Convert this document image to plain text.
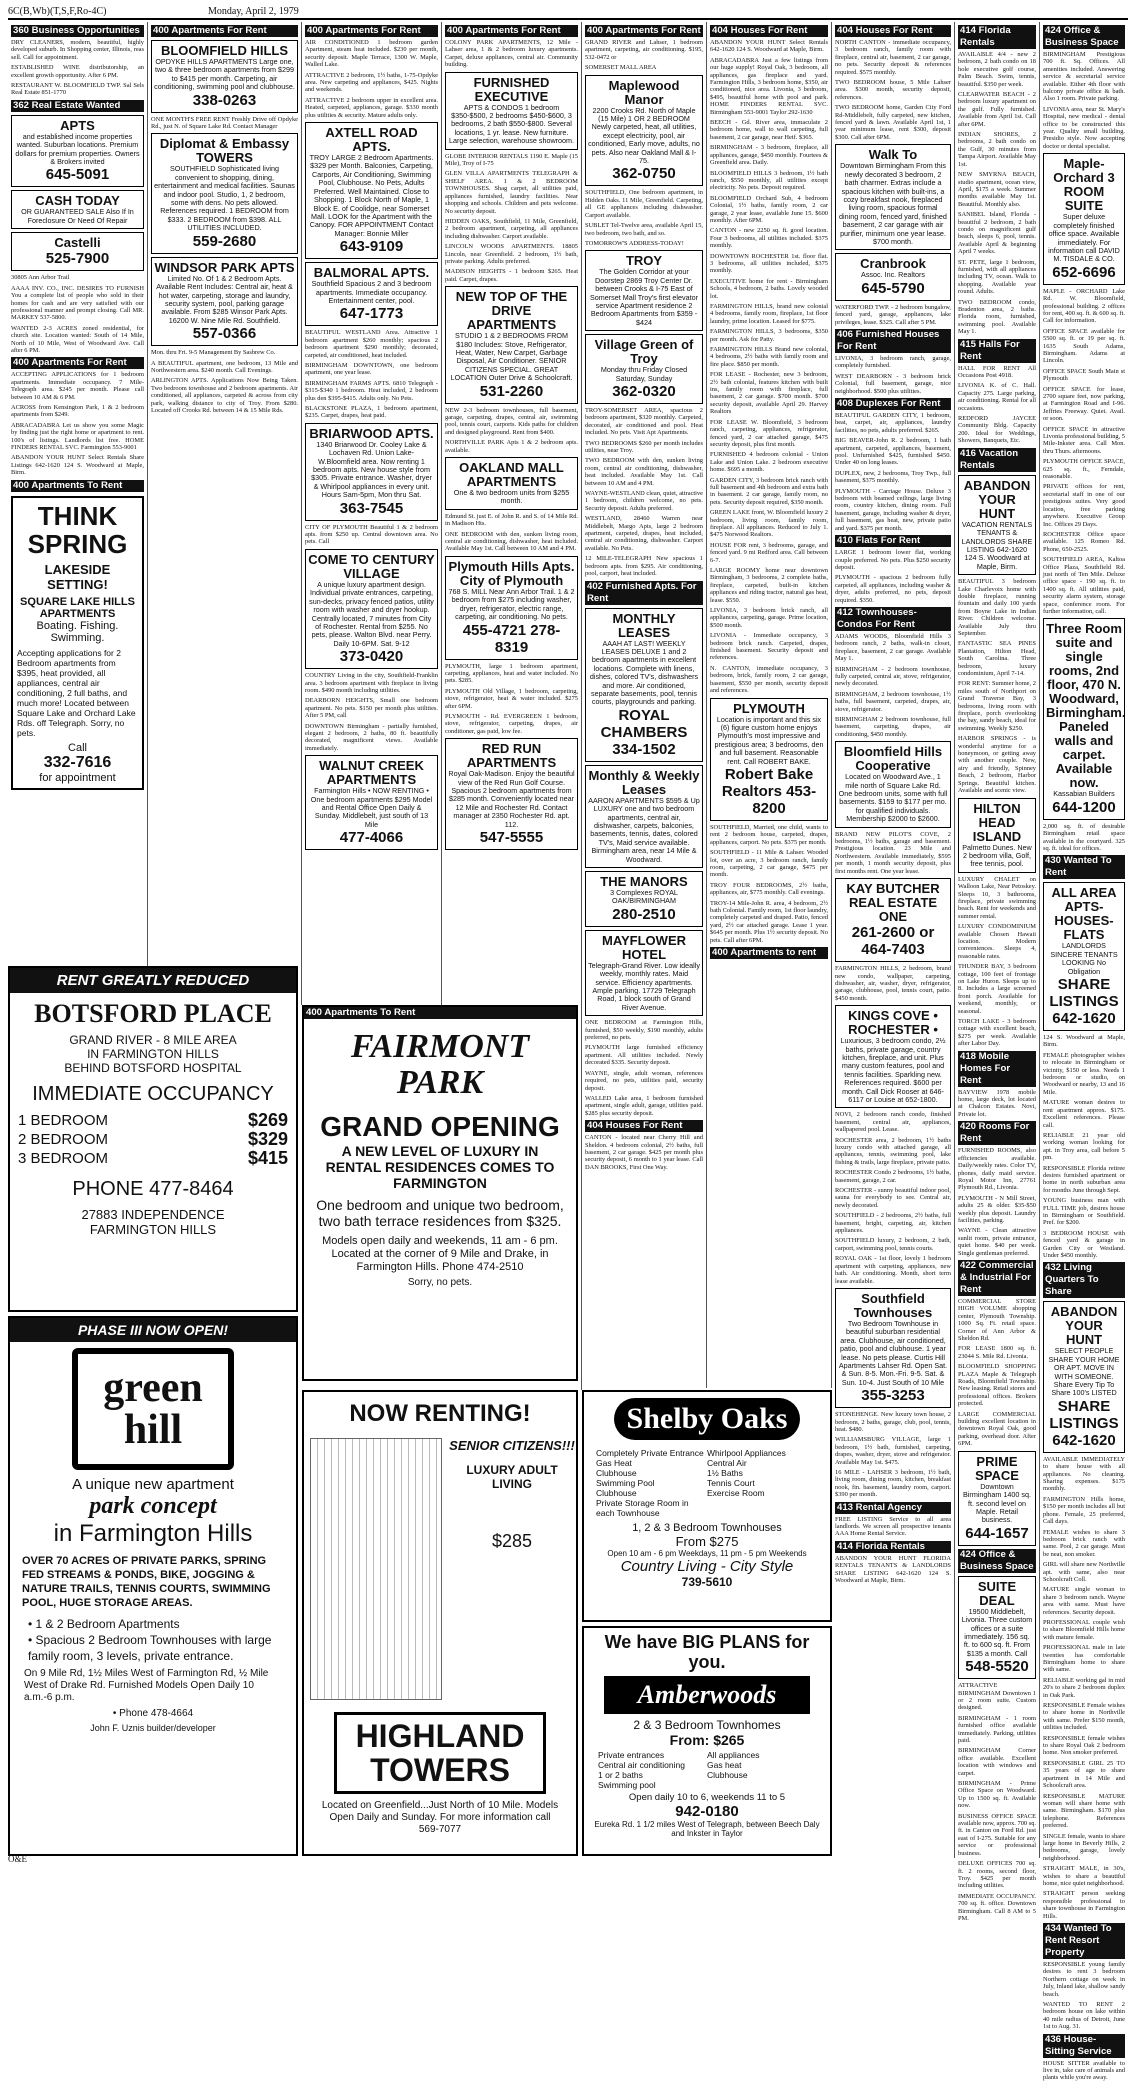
6C(B,Wb)(T,S,F,Ro-4C)	Monday, April 2, 1979
360 Business Opportunities
DRY CLEANERS, modern, beautiful, highly developed suburb. In Shopping center, Illinois, reas sell. Call for appointment.
ESTABLISHED WINE distributorship, an excellent growth opportunity. After 6 PM.
RESTAURANT W. BLOOMFIELD TWP. Sal Sels Real Estate 851-1770
362 Real Estate Wanted
APTS
and established income properties wanted. Suburban locations. Premium dollars for premium properties. Owners & Brokers invited
645-5091
CASH TODAY
OR GUARANTEED SALE Also If In Foreclosure Or Need Of Repair
Castelli
525-7900
30805 Ann Arbor Trail
AAAA INV. CO., INC. DESIRES TO FURNISH You a complete list of people who sold in their homes for cash and are very satisfied with our professional manner and prompt closing. Call MR. MARKEY 537-5800.
WANTED 2-3 ACRES zoned residential, for church site. Location wanted: South of 14 Mile, North of 10 Mile, West of Woodward Ave. Call after 6 PM.
400 Apartments For Rent
ACCEPTING APPLICATIONS for 1 bedroom apartments. Immediate occupancy. 7 Mile-Telegraph area. $245 per month. Please call between 10 AM & 6 PM.
ACROSS from Kensington Park, 1 & 2 bedroom apartments from $249.
ABRACADABRA Let us show you some Magic by finding just the right home or apartment to rent. 100's of listings. Landlords list free. HOME FINDERS RENTAL SVC. Farmington 553-9001
ABANDON YOUR HUNT Select Rentals Share Listings 642-1620 124 S. Woodward at Maple, Birm.
400 Apartments To Rent
THINK SPRING
LAKESIDE SETTING!
SQUARE LAKE HILLS APARTMENTS
Boating. Fishing. Swimming.
Accepting applications for 2 Bedroom apartments from $395, heat provided, all appliances, central air conditioning, 2 full baths, and much more! Located between Square Lake and Orchard Lake Rds. off Telegraph. Sorry, no pets.
Call
332-7616
for appointment
400 Apartments For Rent
BLOOMFIELD HILLS
OPDYKE HILLS APARTMENTS Large one, two & three bedroom apartments from $299 to $415 per month. Carpeting, air conditioning, swimming pool and clubhouse.
338-0263
ONE MONTH'S FREE RENT Freshly Drive off Opdyke Rd., just N. of Square Lake Rd. Contact Manager
Diplomat & Embassy TOWERS
SOUTHFIELD Sophisticated living convenient to shopping, dining, entertainment and medical facilities. Saunas and indoor pool. Studio, 1, 2 bedroom, some with dens. No pets allowed. References required. 1 BEDROOM from $333. 2 BEDROOM from $398. ALL UTILITIES INCLUDED.
559-2680
WINDSOR PARK APTS
Limited No. Of 1 & 2 Bedroom Apts. Available Rent Includes: Central air, heat & hot water, carpeting, storage and laundry, security system, pool, parking garage available. From $285 Winsor Park Apts. 16200 W. Nine Mile Rd. Southfield.
557-0366
Mon. thru Fri. 9-5 Management By Sasbrew Co.
A BEAUTIFUL apartment, one bedroom, 13 Mile and Northwestern area. $240 month. Call Evenings.
ARLINGTON APTS. Applications Now Being Taken. Two bedroom townhouse and 2 bedroom apartments. Air conditioned, all appliances, carpeted & across from city park, walking distance to city of Troy. From $280. Located off Crooks Rd. between 14 & 15 Mile Rds.
400 Apartments For Rent
AIR CONDITIONED 1 bedroom garden Apartment, steam heat included. $230 per month, security deposit. Maple Terrace, 1300 W. Maple, Walled Lake.
ATTRACTIVE 2 bedroom, 1½ baths, 1-75-Opdyke area. New carpeting and appliances, $425. Nights and weekends.
ATTRACTIVE 2 bedroom upper in excellent area. Heated, carpeted, appliances, garage. $330 month plus utilities & security. Mature adults only.
AXTELL ROAD APTS.
TROY LARGE 2 Bedroom Apartments. $329 per Month. Balconies, Carpeting, Carports, Air Conditioning, Swimming Pool, Clubhouse. No Pets, Adults Preferred. Well Maintained. Close to Shopping. 1 Block North of Maple, 1 Block E. of Coolidge, near Somerset Mall. LOOK for the Apartment with the Canopy. FOR APPOINTMENT Contact Manager: Bonnie Miller
643-9109
BALMORAL APTS.
Southfield Spacious 2 and 3 bedroom apartments. Immediate occupancy. Entertainment center, pool.
647-1773
BEAUTIFUL WESTLAND Area. Attractive 1 bedroom apartment $260 monthly; spacious 2 bedroom apartment $290 monthly; decorated, carpeted, air conditioned, heat included.
BIRMINGHAM DOWNTOWN, one bedroom apartment, one year lease.
BIRMINGHAM FARMS APTS. 6810 Telegraph - $315-$340 1 bedroom. Heat included, 2 bedroom plus den $395-$415. Adults only. No Pets.
BLACKSTONE PLAZA, 1 bedroom apartment, $235. Carpet, drapes, heat paid.
BRIARWOOD APTS.
1340 Briarwood Dr. Cooley Lake & Lochaven Rd. Union Lake-W.Bloomfield area. Now renting 1 bedroom apts. New house style from $305. Private entrance. Washer, dryer & Whirlpool appliances in every unit. Hours Sam-5pm, Mon thru Sat.
363-7545
CITY OF PLYMOUTH Beautiful 1 & 2 bedroom apts. from $250 up. Central downtown area. No pets. Call
COME TO CENTURY VILLAGE
A unique luxury apartment design. Individual private entrances, carpeting, sun-decks, privacy fenced patios, utility room with washer and dryer hookup. Centrally located, 7 minutes from City of Rochester. Rental from $255. No pets, please. Walton Blvd. near Perry. Daily 10-6PM. Sat. 9-12
373-0420
COUNTRY Living in the city, Southfield-Franklin area. 3 bedroom apartment with fireplace in living room. $490 month including utilities.
DEARBORN HEIGHTS, Small one bedroom apartment. No pets. $150 per month plus utilities. After 5 PM, call
DOWNTOWN Birmingham - partially furnished, elegant 2 bedroom, 2 baths, 80 ft. beautifully decorated, magnificent views. Available immediately.
WALNUT CREEK APARTMENTS
Farmington Hills • NOW RENTING • One bedroom apartments $295 Model and Rental Office Open Daily & Sunday. Middlebelt, just south of 13 Mile
477-4066
400 Apartments For Rent
COLONY PARK APARTMENTS, 12 Mile - Lahser area, 1 & 2 bedroom luxury apartments. Carpet, deluxe appliances, central air. Community building.
FURNISHED EXECUTIVE
APTS & CONDOS 1 bedroom $350-$500, 2 bedrooms $450-$600, 3 bedrooms, 2 bath $550-$800. Several locations, 1 yr. lease. New furniture. Large selection, warehouse showroom.
GLOBE INTERIOR RENTALS 1190 E. Maple (15 Mile), Troy of I-75
GLEN VILLA APARTMENTS TELEGRAPH & SHELF AREA. 1 & 2 BEDROOM TOWNHOUSES. Shag carpet, all utilities paid, appliances furnished, laundry facilities. Near shopping and schools. Children and pets welcome. No security deposit.
HIDDEN OAKS, Southfield, 11 Mile, Greenfield, 2 bedroom apartment, carpeting, all appliances including dishwasher. Carport available.
LINCOLN WOODS APARTMENTS. 18805 Lincoln, near Greenfield. 2 bedroom, 1½ bath, private parking. Adults preferred.
MADISON HEIGHTS - 1 bedroom $265. Heat paid. Carpet, drapes.
NEW TOP OF THE DRIVE APARTMENTS
STUDIO 1 & 2 BEDROOMS FROM $180 Includes: Stove, Refrigerator, Heat, Water, New Carpet, Garbage Disposal, Air Conditioner. SENIOR CITIZENS SPECIAL. GREAT LOCATION Outer Drive & Schoolcraft.
531-2260
NEW 2-3 bedroom townhouses, full basement, garage, carpeting, drapes, central air, swimming pool, tennis court, carports. Kids paths for children and designed playground. Rent from $400.
NORTHVILLE PARK Apts 1 & 2 bedroom apts. available.
OAKLAND MALL APARTMENTS
One & two bedroom units from $255 month.
Edmund St. just E. of John R. and S. of 14 Mile Rd. in Madison Hts.
ONE BEDROOM with den, sunken living room, central air conditioning, dishwasher, heat included. Available May 1st. Call between 10 AM and 4 PM.
Plymouth Hills Apts. City of Plymouth
768 S. MILL Near Ann Arbor Trail. 1 & 2 bedroom from $275 including washer, dryer, refrigerator, electric range, carpeting, air conditioning. No pets.
455-4721 278-8319
PLYMOUTH, large 1 bedroom apartment, carpeting, appliances, heat and water included. No pets. $285.
PLYMOUTH Old Village, 1 bedroom, carpeting, stove, refrigerator, heat & water included. $275 after 6PM.
PLYMOUTH - Rd. EVERGREEN 1 bedroom, stove, refrigerator, carpeting, drapes, air conditioner, gas paid, low fee.
RED RUN APARTMENTS
Royal Oak-Madison. Enjoy the beautiful view of the Red Run Golf Course. Spacious 2 bedroom apartments from $285 month. Conveniently located near 12 Mile and Rochester Rd. Contact manager at 2350 Rochester Rd. apt. 112.
547-5555
400 Apartments For Rent
GRAND RIVER and Lahser, 1 bedroom apartment, carpeting, air conditioning. $195, 532-0472 or
SOMERSET MALL AREA
Maplewood Manor
2200 Crooks Rd. North of Maple (15 Mile) 1 OR 2 BEDROOM Newly carpeted, heat, all utilities, except electricity, pool, air conditioned, Early move, adults, no pets. Also near Oakland Mall & I-75.
362-0750
SOUTHFIELD, One bedroom apartment, in Hidden Oaks. 11 Mile, Greenfield. Carpeting, all GE appliances including dishwasher. Carport available.
SUBLET Tel-Twelve area, available April 15, two bedroom, two bath, and so.
TOMORROW'S ADDRESS-TODAY!
TROY
The Golden Corridor at your Doorstep 2869 Troy Center Dr. between Crooks & I-75 East of Somerset Mall Troy's first elevator service Apartment residence 2 Bedroom Apartments from $359 - $424
Village Green of Troy
Monday thru Friday Closed Saturday, Sunday
362-0320
TROY-SOMERSET AREA, spacious 2 bedroom apartment, $320 monthly. Carpeted, decorated, air conditioned and pool. Heat included. No pets. Visit Apt Apartments.
TWO BEDROOMS $260 per month includes utilities, near Troy.
TWO BEDROOM with den, sunken living room, central air conditioning, dishwasher, heat included. Available May 1st. Call between 10 AM and 4 PM.
WAYNE-WESTLAND clean, quiet, attractive 1 bedroom, children welcome, no pets. Security deposit. Adults preferred.
WESTLAND, 28460 Warren near Middlebelt, Margo Apts, large 2 bedroom apartment, carpeted, drapes, heat included, central air conditioning, dishwasher. Carport available. No Pets.
12 MILE-TELEGRAPH New spacious 1 bedroom apts. from $295. Air conditioning, pool, carport, heat included.
402 Furnished Apts. For Rent
MONTHLY LEASES
AAAH AT LAST! WEEKLY LEASES DELUXE 1 and 2 bedroom apartments in excellent locations. Complete with linens, dishes, colored TV's, dishwashers and more. Air conditioned, separate basements, pool, tennis courts, playgrounds and parking.
ROYAL CHAMBERS 334-1502
Monthly & Weekly Leases
AARON APARTMENTS $595 & Up LUXURY one and two bedroom apartments, central air, dishwasher, carpets, balconies, basements, tennis, dates, colored TV's, Maid service available. Birmingham area, near 14 Mile & Woodward.
THE MANORS
3 Complexes ROYAL OAK/BIRMINGHAM
280-2510
MAYFLOWER HOTEL
Telegraph-Grand River. Low ideally weekly, monthly rates. Maid service. Efficiency apartments. Ample parking. 17729 Telegraph Road, 1 block south of Grand River Avenue.
ONE BEDROOM at Farmington Hills, furnished, $50 weekly, $190 monthly, adults preferred, no pets.
PLYMOUTH large furnished efficiency apartment. All utilities included. Newly decorated $335. Security deposit.
WAYNE, single, adult woman, references required, no pets, utilities paid, security deposit.
WALLED Lake area, 1 bedroom furnished apartment, single adult, garage, utilities paid. $285 plus security deposit.
404 Houses For Rent
CANTON - located near Cherry Hill and Sheldon. 4 bedroom colonial, 2½ baths, full basement, 2 car garage. $425 per month plus security deposit, 6 month to 1 year lease. Call DAN BROOKS, First One Way.
404 Houses For Rent
ABANDON YOUR HUNT Select Rentals 642-1620 124 S. Woodward at Maple, Birm.
ABRACADABRA Just a few listings from our huge supply! Royal Oak, 3 bedroom, all appliances, gas fireplace and yard. Farmington Hills, 3 bedroom home, $350, air conditioned, nice area. Livonia, 3 bedroom, $495, beautiful home with pool and park. HOME FINDERS RENTAL SVC. Birmingham 553-9001 Taylor 292-1630
BEECH - Gd. River area, immaculate 2 bedroom home, wall to wall carpeting, full basement, 2 car garage, near Hetf. $365.
BIRMINGHAM - 3 bedroom, fireplace, all appliances, garage, $450 monthly. Fourtees & Greenfield area. Daily.
BLOOMFIELD HILLS 3 bedroom, 1½ bath ranch, $550 monthly, all utilities except electricity. No pets. Deposit required.
BLOOMFIELD Orchard Sub, 4 bedroom Colonial, 1½ baths, family room, 2 car garage, 2 year lease, available June 15. $600 monthly. After 6PM.
CANTON - new 2250 sq. ft. good location. Four 3 bedrooms, all utilities included. $375 monthly.
DOWNTOWN ROCHESTER 1st. floor flat. 3 bedrooms, all utilities included, $375 monthly.
EXECUTIVE home for rent - Birmingham Schools, 4 bedroom, 2 baths. Lovely wooded lot.
FARMINGTON HILLS, brand new colonial 4 bedrooms, family room, fireplace, 1st floor laundry, prime location. Leased for $775.
FARMINGTON HILLS, 3 bedrooms, $350 per month. Ask for Patty.
FARMINGTON HILLS Brand new colonial, 4 bedrooms, 2½ baths with family room and fire place. $850 per month.
FOR LEASE - Rochester, new 3 bedroom, 2½ bath colonial, features kitchen with built ins, family room with fireplace, full basement, 2 car garage. $700 month. $700 security deposit, available April 29. Harvey Realtors
FOR LEASE W. Bloomfield, 3 bedroom ranch, carpeting, appliances, refrigerator, fenced yard, 2 car attached garage, $475 security deposit, plus first month.
FURNISHED 4 bedroom colonial - Union Lake and Union Lake. 2 bedroom executive home. $695 a month.
GARDEN CITY, 3 bedroom brick ranch with full basement and 4th bedroom and extra bath in basement. 2 car garage, family room, no pets. Security deposit required, $350 month.
GREEN LAKE front, W. Bloomfield luxury 2 bedroom, living room, family room, fireplace. All appliances. Reduced to July 1. $475 Norwood Realtors.
HOUSE FOR rent, 3 bedrooms, garage, and fenced yard. 9 mi Redford area. Call between 6-7.
LARGE ROOMY home near downtown Birmingham, 3 bedrooms, 2 complete baths, fireplace, carpeted, built-in kitchen appliances and riding tractor, natural gas heat, lease. $550.
LIVONIA, 3 bedroom brick ranch, all appliances, carpeting, garage. Prime location, $500 month.
LIVONIA - Immediate occupancy, 3 bedroom brick ranch. Carpeted, drapes, finished basement. Security deposit and references.
N. CANTON, immediate occupancy, 3 bedroom, brick, family room, 2 car garage, basement, $550 per month, security deposit and references.
PLYMOUTH
Location is important and this six (6) figure custom home enjoys Plymouth's most impressive and prestigious area; 3 bedrooms, den and full basement. Reasonable rent. Call ROBERT BAKE.
Robert Bake Realtors 453-8200
SOUTHFIELD, Married, one child, wants to rent 2 bedroom house, carpeted, drapes, appliances, carport. No pets. $375 per month.
SOUTHFIELD - 11 Mile & Lahser. Wooded lot, over an acre, 3 bedroom ranch, family room, carpeting, 2 car garage, $475 per month.
TROY FOUR BEDROOMS, 2½ baths, appliances, air, $775 monthly. Call evenings.
TROY-14 Mile-John R. area, 4 bedroom, 2½ bath Colonial. Family room, 1st floor laundry, completely carpeted and draped. Patio, fenced yard, 2½ car attached garage. Lease 1 year. $645 per month. Plus 1½ security deposit. No pets. Call after 6PM.
400 Apartments to rent
404 Houses For Rent
NORTH CANTON - immediate occupancy, 3 bedroom ranch, family room with fireplace, central air, basement, 2 car garage, no pets. Security deposit & references required. $575 monthly.
TWO BEDROOM house, 5 Mile Lahser area. $300 month, security deposit, references.
TWO BEDROOM home, Garden City Ford Rd-Middlebelt, fully carpeted, new kitchen, fenced yard & lawn. Available April 1st, 1 year minimum lease, rent $300, deposit $300. Call after 6PM.
Walk To
Downtown Birmingham From this newly decorated 3 bedroom, 2 bath charmer. Extras include a spacious kitchen with built-ins, a cozy breakfast nook, fireplaced living room, spacious formal dining room, fenced yard, finished basement, 2 car garage with air purifier, minimum one year lease. $700 month.
Cranbrook
Assoc. Inc. Realtors
645-5790
WATERFORD TWP. - 2 bedroom bungalow, fenced yard, garage, appliances, lake privileges, lease. $325. Call after 5 PM.
406 Furnished Houses For Rent
LIVONIA, 3 bedroom ranch, garage, completely furnished.
WEST DEARBORN - 3 bedroom brick Colonial, full basement, garage, nice neighborhood. $500 plus utilities.
408 Duplexes For Rent
BEAUTIFUL GARDEN CITY, 1 bedroom, heat, carpet, air, appliances, laundry facilities, no pets, adults preferred. $265.
BIG BEAVER-John R. 2 bedroom, 1 bath apartment, carpeted, appliances, basement, pool. Unfurnished $425, furnished $450. Under 40 on long leases.
DUPLEX, new, 2 bedrooms, Troy Twp., full basement, $375 monthly.
PLYMOUTH - Carriage House. Deluxe 3 bedroom with beamed ceilings, large living room, country kitchen, dining room. Full basement, garage, including washer & dryer, full basement, gas heat, new, private patio and yard. $375 per month.
410 Flats For Rent
LARGE 1 bedroom lower flat, working couple preferred. No pets. Plus $250 security deposit.
PLYMOUTH - spacious 2 bedroom fully carpeted, all appliances, including washer & dryer, adults preferred, no pets, deposit required. $350.
412 Townhouses-Condos For Rent
ADAMS WOODS, Bloomfield Hills 3 bedroom ranch, 2 baths, walk-in closet, fireplace, basement, 2 car garage. Available May 1.
BIRMINGHAM - 2 bedroom townhouse, fully carpeted, central air, stove, refrigerator, newly decorated.
BIRMINGHAM, 2 bedroom townhouse, 1½ baths, full basement, carpeted, drapes, air, stove, refrigerator.
BIRMINGHAM 2 bedroom townhouse, full basement, carpeting, drapes, air conditioning, $450 monthly.
Bloomfield Hills Cooperative
Located on Woodward Ave., 1 mile north of Square Lake Rd. One bedroom units, some with full basements. $159 to $177 per mo. for qualified individuals. Membership $2000 to $2600.
BRAND NEW PILOT'S COVE, 2 bedrooms, 1½ baths, garage and basement. Prestigious location. 23 Mile and Northwestern. Available immediately, $595 per month, 1 month security deposit, plus first months rent. One year lease.
KAY BUTCHER REAL ESTATE ONE
261-2600 or 464-7403
FARMINGTON HILLS, 2 bedroom, brand new condo, wallpaper, carpeting, dishwasher, air, washer, dryer, refrigerator, garage, clubhouse, pool, tennis court, patio. $450 month.
KINGS COVE • ROCHESTER •
Luxurious, 3 bedroom condo, 2½ baths, private garage, country kitchen, fireplace, and unit. Plus many custom features, pool and tennis facilities. Sparkling new. References required. $600 per month. Call Dick Rooser at 646-6117 or Louise at 652-1800.
NOVI, 2 bedroom ranch condo, finished basement, central air, appliances, wallpapered pool. Lease.
ROCHESTER area, 2 bedroom, 1½ baths luxury condo with attached garage, all appliances, tennis, swimming pool, lake fishing & trails, large fireplace, private patio.
ROCHESTER Condo 2 bedrooms, 1½ baths, basement, garage, 2 car.
ROCHESTER - sunny beautiful indoor pool, sauna for everybody to see. Central air, newly decorated.
SOUTHFIELD - 2 bedrooms, 2½ baths, full basement, bright, carpeting, air, kitchen appliances.
SOUTHFIELD luxury, 2 bedroom, 2 bath, carport, swimming pool, tennis courts.
ROYAL OAK - 1st floor, lovely 1 bedroom apartment with carpeting, appliances, new bath. Air conditioning. Month, short term lease available.
Southfield Townhouses
Two Bedroom Townhouse in beautiful suburban residential area. Clubhouse, air conditioned, patio, pool and clubhouse. 1 year lease. No pets please. Curtis Hill Apartments Lahser Rd. Open Sat. & Sun. 8-5. Mon.-Fri. 9-5. Sat. & Sun. 10-4. Just South of 10 Mile
355-3253
STONEHENGE. New luxury town house, 2 bedroom, 2 baths, garage, club, pool, tennis, heat. $480.
WILLIAMSBURG VILLAGE, large 1 bedroom, 1½ bath, furnished, carpeting, drapes, washer, dryer, stove and refrigerator. Available May 1st. $475.
16 MILE - LAHSER 3 bedroom, 1½ bath, living room, dining room, kitchen, breakfast nook, fin. basement, laundry room, carport. $390 per month.
413 Rental Agency
FREE LISTING Service to all area landlords. We screen all prospective tenants AAA Home Rental Service.
414 Florida Rentals
ABANDON YOUR HUNT FLORIDA RENTALS TENANTS & LANDLORDS SHARE LISTING 642-1620 124 S. Woodward at Maple, Birm.
414 Florida Rentals
AVAILABLE 4/4 - new 2 bedroom, 2 bath condo on 18 hole executive golf course, Palm Beach. Swim, tennis, beautiful. $350 per week.
CLEARWATER BEACH - 2 bedroom luxury apartment on the gulf. Fully furnished. Available from April 1st. Call after 6PM.
INDIAN SHORES, 2 bedrooms, 2 bath condo on the Gulf, 30 minutes from Tampa Airport. Available May 1st.
NEW SMYRNA BEACH, studio apartment, ocean view, April, $175 a week. Summer months available May 1st. Beautiful. Monthly also.
SANIBEL Island, Florida - beautiful 2 bedroom, 2 bath condo on magnificent gulf beach, sleeps 6, pool, tennis. Available April & beginning April 7 weeks.
ST. PETE, large 1 bedroom, furnished, with all appliances including TV, ocean. Walk to shopping. Available year round. Adults.
TWO BEDROOM condo, Bradenton area, 2 baths. Florida room, furnished, swimming pool. Available May 1.
415 Halls For Rent
HALL FOR RENT All Occasions Post 4918.
LIVONIA K. of C. Hall. Capacity 275. Large parking, air conditioning. Rental for all occasions.
REDFORD JAYCEE Community Bldg. Capacity 200. Ideal for Weddings, Showers, Banquets, Etc.
416 Vacation Rentals
ABANDON YOUR HUNT
VACATION RENTALS TENANTS & LANDLORDS SHARE LISTING 642-1620 124 S. Woodward at Maple, Birm.
BEAUTIFUL 3 bedroom Lake Charlevoix home with double fireplace, running fountain and daily 100 yards from Boyne Lake in Indian River. Children welcome. Available July thru September.
FANTASTIC SEA PINES Plantation, Hilton Head, South Carolina. Three bedroom, luxury condominium, April 7-14.
FOR RENT: Summer home, 2 miles south of Northport on Grand Traverse Bay, 3 bedrooms, living room with fireplace, porch overlooking the bay, sandy beach, ideal for swimming. Weekly $250.
HARBOR SPRINGS - is wonderful anytime for a honeymoon, or getting away with another couple. New, airy and friendly, Spinney Beach, 2 bedroom, Harbor Springs. Beautiful kitchen. Available and scenic view.
HILTON HEAD ISLAND
Palmetto Dunes. New 2 bedroom villa, Golf, free tennis, pool.
LUXURY CHALET on Walloon Lake, Near Petoskey. Sleeps 10, 3 bathrooms, fireplace, private swimming beach. Rent for weekends and summer rental.
LUXURY CONDOMINIUM available Chosen Hawaii location. Modern conveniences. Sleeps 4, reasonable rates.
THUNDER BAY, 3 bedroom cottage, 100 feet of frontage on Lake Huron. Sleeps up to 8. Includes a large screened front porch. Available for weekend, monthly, or seasonal.
TORCH LAKE - 3 bedroom cottage with excellent beach, $275 per week. Available after Labor Day.
418 Mobile Homes For Rent
BAYVIEW 1978 mobile home, large deck, lot located at Chalcon Estates. Novi, Private lot.
420 Rooms For Rent
FURNISHED ROOMS, also efficiencies available. Daily/weekly rates. Color TV, phones, daily maid service. Royal Motor Inn, 27761 Plymouth Rd., Livonia.
PLYMOUTH - N Mill Street, adults 25 & older. $35-$50 weekly plus deposit. Laundry facilities, parking.
WAYNE - Clean attractive sunlit room, private entrance, quiet home. $40 per week. Single gentleman preferred.
422 Commercial & Industrial For Rent
COMMERCIAL STORE HIGH VOLUME shopping center, Plymouth Township. 1000 Sq. Ft. retail space. Corner of Ann Arbor & Sheldon Rd.
FOR LEASE 1800 sq. ft. 23044 S. Mile Rd. Livonia.
BLOOMFIELD SHOPPING PLAZA Maple & Telegraph Roads, Bloomfield Township. New leasing. Retail stores and professional offices. Brokers protected.
LARGE COMMERCIAL building excellent location in downtown Royal Oak, good parking, overhead door. After 6PM.
PRIME SPACE
Downtown Birmingham 1400 sq. ft. second level on Maple. Retail business.
644-1657
424 Office & Business Space
SUITE DEAL
19500 Middlebelt, Livonia. Three custom offices or a suite immediately. 156 sq. ft. to 600 sq. ft. From $135 a month. Call
548-5520
ATTRACTIVE BIRMINGHAM Downtown 1 or 2 room suite. Custom designed.
BIRMINGHAM - 1 room furnished office available immediately. Parking, utilities paid.
BIRMINGHAM Corner office available. Excellent location with windows and carpet.
BIRMINGHAM - Prime Office Space on Woodward. Up to 1500 sq. ft. Available now.
BUSINESS OFFICE SPACE available now, approx. 700 sq. ft. in Canton on Ford Rd. just east of I-275. Suitable for any service or professional business.
DELUXE OFFICES 700 sq. ft. 2 rooms, second floor, Troy. $425 per month including utilities.
IMMEDIATE OCCUPANCY. 700 sq. ft. office. Downtown Birmingham. Call 8 AM to 5 PM.
424 Office & Business Space
BIRMINGHAM Prestigious 700 ft. Sq. Offices. All amenities included. Answering service & secretarial service available. Either 4th floor with balcony private office & bath. Also 1 room. Private parking.
LIVONIA area, near St. Mary's Hospital, new medical - dental office to be constructed this year. Quality small building. Presidio style. Now accepting doctor or dental specialist.
Maple-Orchard 3 ROOM SUITE
Super deluxe completely finished office space. Available immediately. For information call DAVID M. TISDALE & CO.
652-6696
MAPLE - ORCHARD Lake Rd. W. Bloomfield, professional building. 2 offices for rent, 400 sq. ft. & 600 sq. ft. Call for information.
OFFICE SPACE available for 5500 sq. ft. or 19 per sq. ft. 1635 South Adams, Birmingham. Adams at Lincoln.
OFFICE SPACE South Main st Plymouth
OFFICE SPACE for lease, 2700 square feet, now parking, at Farmington Road and I-96. Jeffries Freeway. Quiet. Avail. or soon.
OFFICE SPACE in attractive Livonia professional building, 5 Mile-Inkster area. Call Mon. thru Thurs. afternoons.
PLYMOUTH OFFICE SPACE, 625 sq. ft., Ferndale, reasonable.
PRIVATE offices for rent, secretarial staff in one of our prestigious suites. Very good location, free parking anywhere. Executive Group Inc. Offices 29 Days.
ROCHESTER Office space available. 125 Romeo Rd. Phone, 650-2525.
SOUTHFIELD AREA, Kaltoa Office Plaza, Southfield Rd. just north of Ten Mile. Deluxe office space - 190 sq. ft. to 1400 sq. ft. All utilities paid, security alarm system, storage space, conference room. For further information, call.
Three Room suite and single rooms, 2nd floor, 470 N. Woodward, Birmingham. Paneled walls and carpet. Available now.
Kassabian Builders
644-1200
2,000 sq. ft. of desirable Birmingham retail space available in the courtyard. 325 sq. ft. ideal for offices.
430 Wanted To Rent
ALL AREA APTS-HOUSES-FLATS
LANDLORDS SINCERE TENANTS LOOKING No Obligation
SHARE LISTINGS 642-1620
124 S. Woodward at Maple, Birm.
FEMALE photographer wishes to relocate in Birmingham or vicinity, $150 or less. Needs 1 bedroom or studio, on Woodward or nearby, 13 and 16 Mile.
MATURE woman desires to rent apartment approx. $175. Excellent references. Please call.
RELIABLE 21 year old working woman looking for apt. in Troy area, call before 5 pm.
RESPONSIBLE Florida retiree desires furnished apartment or home in north suburban area for months June through Sept.
YOUNG business man with FULL TIME job, desires house in Birmingham or Southfield. Pref. for $200.
3 BEDROOM HOUSE with fenced yard & garage in Garden City or Westland. Under $450 monthly.
432 Living Quarters To Share
ABANDON YOUR HUNT
SELECT PEOPLE SHARE YOUR HOME OR APT. MOVE IN WITH SOMEONE. Share Every Tip To Share 100's LISTED
SHARE LISTINGS 642-1620
AVAILABLE IMMEDIATELY to share house with all appliances. No cleaning. Sharing expenses. $175 monthly.
FARMINGTON Hills home, $150 per month includes all but phone. Female, 25 preferred, Call days.
FEMALE wishes to share 3 bedroom brick ranch with same. Pool, 2 car garage. Must be neat, non smoker.
GIRL will share new Northville apt. with same, also near Schoolcraft Coll.
MATURE single woman to share 3 bedroom ranch. Wayne area with same. Must have references. Security deposit.
PROFESSIONAL couple wish to share Bloomfield Hills home with mature female.
PROFESSIONAL male in late twenties has comfortable Birmingham home to share with same.
RELIABLE working gal in mid 20's to share 2 bedroom duplex in Oak Park.
RESPONSIBLE Female wishes to share home in Northville with same. Prefer $150 month, utilities included.
RESPONSIBLE female wishes to share Royal Oak 2 bedroom home. Non smoker preferred.
RESPONSIBLE GIRL 25 TO 35 years of age to share apartment in 14 Mile and Schoolcraft area.
RESPONSIBLE MATURE woman will share home with same. Birmingham. $170 plus telephone. References preferred.
SINGLE female, wants to share large home in Beverly Hills, 2 bedrooms, garage, lovely neighborhood.
STRAIGHT MALE, in 30's, wishes to share a beautiful home, nice quiet neighborhood.
STRAIGHT person seeking responsible professional to share townhouse in Farmington Hills.
434 Wanted To Rent Resort Property
RESPONSIBLE young family desires to rent 3 bedroom Northern cottage on week in July, Inland lake, shallow sandy beach.
WANTED TO RENT 2 bedroom house on lake within 40 mile radius of Detroit, June 1st to Aug. 31.
436 House-Sitting Service
HOUSE SITTER available to live in, take care of animals and plants while you're away.
RENT GREATLY REDUCED
BOTSFORD PLACE
GRAND RIVER - 8 MILE AREA
IN FARMINGTON HILLS
BEHIND BOTSFORD HOSPITAL
IMMEDIATE OCCUPANCY
1 BEDROOM	$269
2 BEDROOM	$329
3 BEDROOM	$415
PHONE 477-8464
27883 INDEPENDENCE
FARMINGTON HILLS
PHASE III NOW OPEN!
green
hill
A unique new apartment
park concept
in Farmington Hills
OVER 70 ACRES OF PRIVATE PARKS, SPRING FED STREAMS & PONDS, BIKE, JOGGING & NATURE TRAILS, TENNIS COURTS, SWIMMING POOL, HUGE STORAGE AREAS.
• 1 & 2 Bedroom Apartments
• Spacious 2 Bedroom Townhouses with large family room, 3 levels, private entrance.
On 9 Mile Rd, 1½ Miles West of Farmington Rd, ½ Mile West of Drake Rd. Furnished Models Open Daily 10 a.m.-6 p.m.
• Phone 478-4664
John F. Uznis builder/developer
400 Apartments To Rent
FAIRMONT PARK
GRAND OPENING
A NEW LEVEL OF LUXURY IN RENTAL RESIDENCES COMES TO FARMINGTON
One bedroom and unique two bedroom, two bath terrace residences from $325.
Models open daily and weekends, 11 am - 6 pm. Located at the corner of 9 Mile and Drake, in Farmington Hills. Phone 474-2510
Sorry, no pets.
NOW RENTING!
SENIOR CITIZENS!!!
LUXURY ADULT LIVING
$285
HIGHLAND TOWERS
Located on Greenfield...Just North of 10 Mile. Models Open Daily and Sunday. For more information call 569-7077
Shelby Oaks
Completely Private Entrance Whirlpool Appliances
Gas Heat	Central Air
Clubhouse	1½ Baths
Swimming Pool	Tennis Court
Clubhouse	Exercise Room
Private Storage Room in each Townhouse
1, 2 & 3 Bedroom Townhouses
From $275
Open 10 am - 6 pm Weekdays, 11 pm - 5 pm Weekends
Country Living - City Style
739-5610
We have BIG PLANS for you.
Amberwoods
2 & 3 Bedroom Townhomes
From: $265
Private entrances	All appliances
Central air conditioning	Gas heat
1 or 2 baths	Clubhouse
Swimming pool
Open daily 10 to 6, weekends 11 to 5
942-0180
Eureka Rd. 1 1/2 miles West of Telegraph, between Beech Daly and Inkster in Taylor
O&E
